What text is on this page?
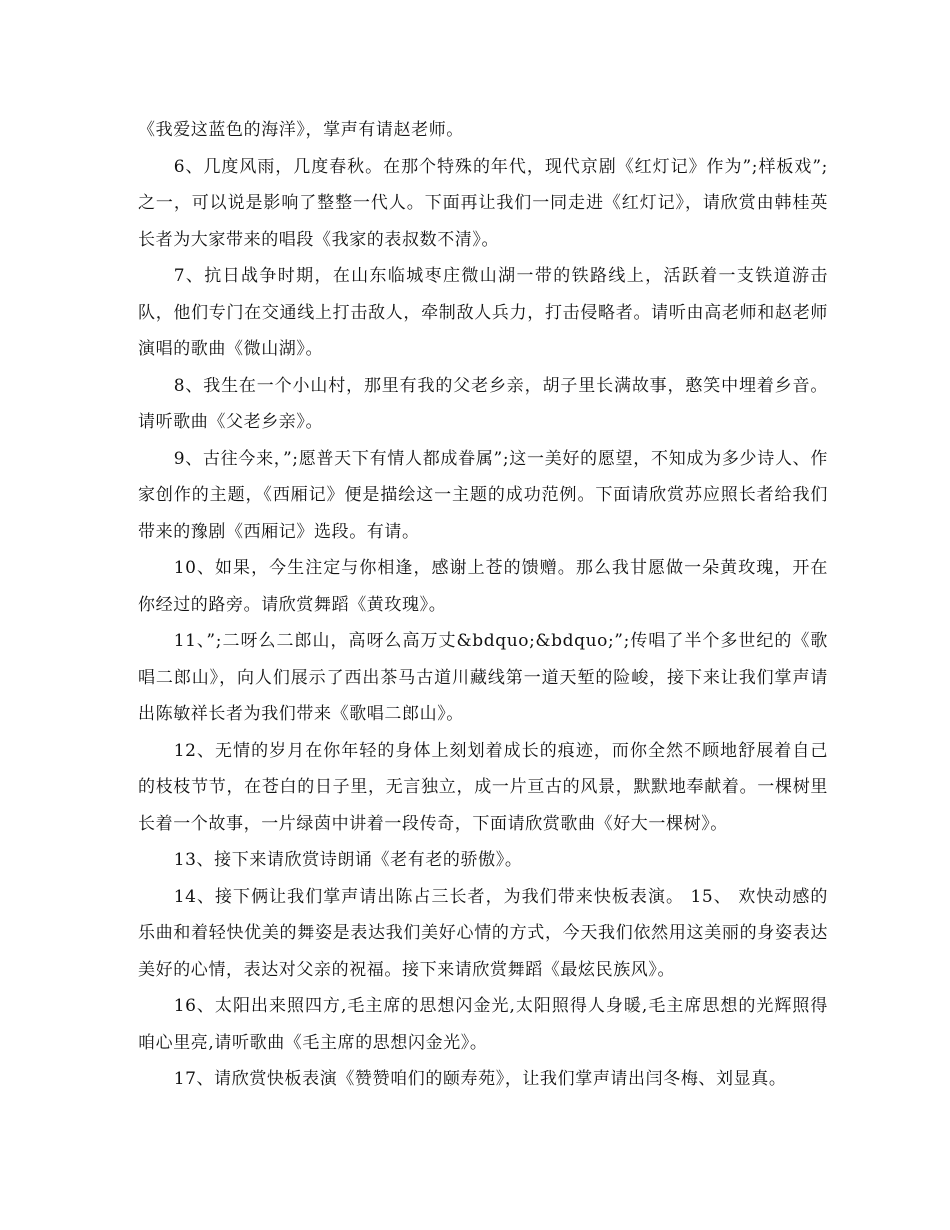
《我爱这蓝色的海洋》，掌声有请赵老师。

6、几度风雨，几度春秋。在那个特殊的年代，现代京剧《红灯记》作为”;样板戏”;之一，可以说是影响了整整一代人。下面再让我们一同走进《红灯记》，请欣赏由韩桂英长者为大家带来的唱段《我家的表叔数不清》。

7、抗日战争时期，在山东临城枣庄微山湖一带的铁路线上，活跃着一支铁道游击队，他们专门在交通线上打击敌人，牵制敌人兵力，打击侵略者。请听由高老师和赵老师演唱的歌曲《微山湖》。

8、我生在一个小山村，那里有我的父老乡亲，胡子里长满故事，憨笑中埋着乡音。请听歌曲《父老乡亲》。

9、古往今来，”;愿普天下有情人都成眷属”;这一美好的愿望，不知成为多少诗人、作家创作的主题，《西厢记》便是描绘这一主题的成功范例。下面请欣赏苏应照长者给我们带来的豫剧《西厢记》选段。有请。

10、如果，今生注定与你相逢，感谢上苍的馈赠。那么我甘愿做一朵黄玫瑰，开在你经过的路旁。请欣赏舞蹈《黄玫瑰》。

11、”;二呀么二郎山，高呀么高万丈&bdquo;&bdquo;”;传唱了半个多世纪的《歌唱二郎山》，向人们展示了西出茶马古道川藏线第一道天堑的险峻，接下来让我们掌声请出陈敏祥长者为我们带来《歌唱二郎山》。

12、无情的岁月在你年轻的身体上刻划着成长的痕迹，而你全然不顾地舒展着自己的枝枝节节，在苍白的日子里，无言独立，成一片亘古的风景，默默地奉献着。一棵树里长着一个故事，一片绿茵中讲着一段传奇，下面请欣赏歌曲《好大一棵树》。

13、接下来请欣赏诗朗诵《老有老的骄傲》。

14、接下俩让我们掌声请出陈占三长者，为我们带来快板表演。 15、 欢快动感的乐曲和着轻快优美的舞姿是表达我们美好心情的方式，今天我们依然用这美丽的身姿表达美好的心情，表达对父亲的祝福。接下来请欣赏舞蹈《最炫民族风》。

16、太阳出来照四方,毛主席的思想闪金光,太阳照得人身暖,毛主席思想的光辉照得咱心里亮,请听歌曲《毛主席的思想闪金光》。

17、请欣赏快板表演《赞赞咱们的颐寿苑》，让我们掌声请出闫冬梅、刘显真。
